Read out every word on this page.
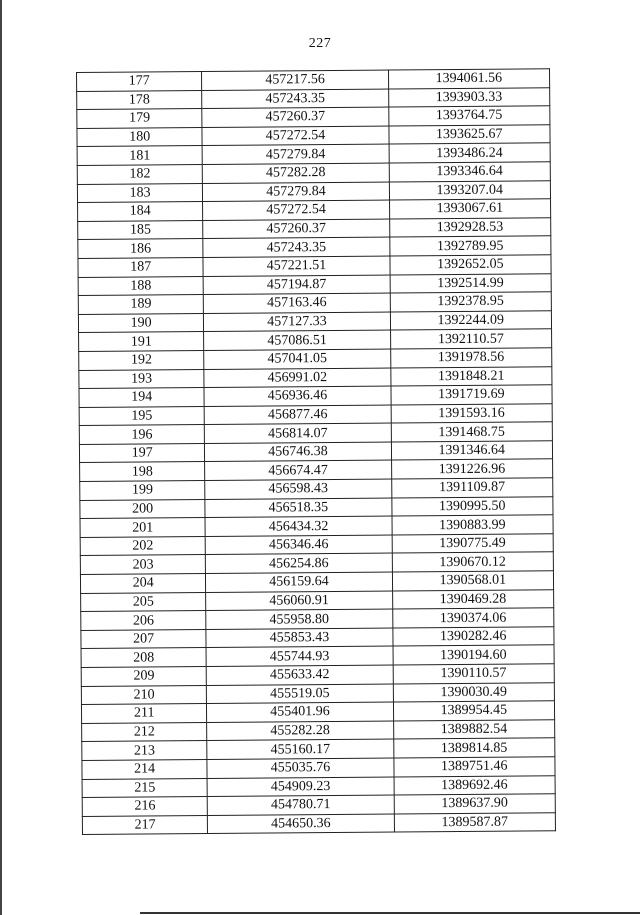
227
177	457217.56	1394061.56
178	457243.35	1393903.33
179	457260.37	1393764.75
180	457272.54	1393625.67
181	457279.84	1393486.24
182	457282.28	1393346.64
183	457279.84	1393207.04
184	457272.54	1393067.61
185	457260.37	1392928.53
186	457243.35	1392789.95
187	457221.51	1392652.05
188	457194.87	1392514.99
189	457163.46	1392378.95
190	457127.33	1392244.09
191	457086.51	1392110.57
192	457041.05	1391978.56
193	456991.02	1391848.21
194	456936.46	1391719.69
195	456877.46	1391593.16
196	456814.07	1391468.75
197	456746.38	1391346.64
198	456674.47	1391226.96
199	456598.43	1391109.87
200	456518.35	1390995.50
201	456434.32	1390883.99
202	456346.46	1390775.49
203	456254.86	1390670.12
204	456159.64	1390568.01
205	456060.91	1390469.28
206	455958.80	1390374.06
207	455853.43	1390282.46
208	455744.93	1390194.60
209	455633.42	1390110.57
210	455519.05	1390030.49
211	455401.96	1389954.45
212	455282.28	1389882.54
213	455160.17	1389814.85
214	455035.76	1389751.46
215	454909.23	1389692.46
216	454780.71	1389637.90
217	454650.36	1389587.87
